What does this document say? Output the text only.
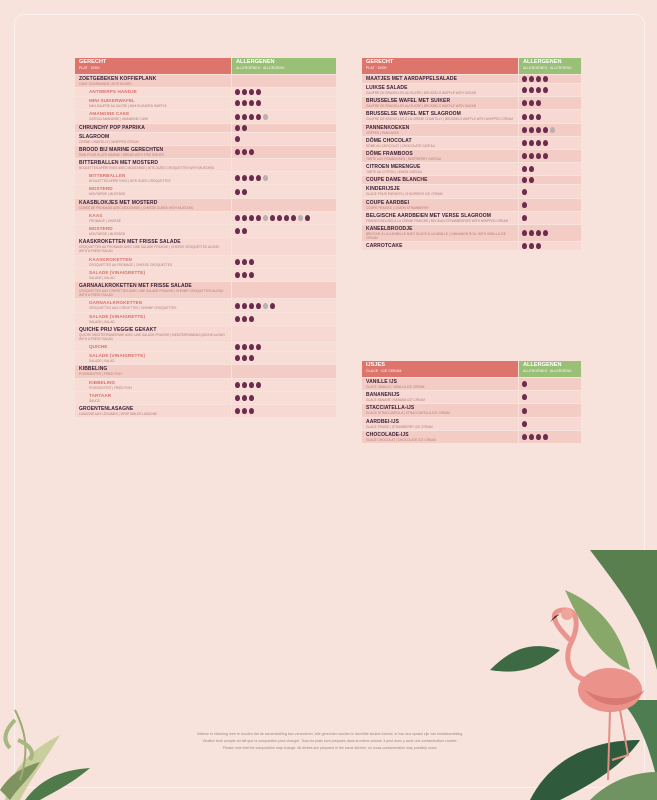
GERECHT
PLAT · DISH
ALLERGENEN
ALLERGÈNES · ALLERGENS
ZOETGEBEKEN KOFFIEPLANK
CAKE GOURMANDE | BITE BOARD
ANTWERPS HANDJE
MINI SUIKERWAFEL
MINI GAUFRE AU SUCRE | MINI SUGARED WAFFLE
AMANDINE CAKE
GATEAU AMANDINE | AMANDINE CAKE
CHRUNCHY POP PAPRIKA
SLAGROOM
CRÈME CHANTILLY | WHIPPED CREAM
BROOD BIJ MARINE GERECHTEN
PAIN POUR PLATS MARINE | BREAD WITH FISH DISHES
BITTERBALLEN MET MOSTERD
BOULETTES APÉRITIVES AVEC MOUTARDE | BITE-SIZED CROQUETTES WITH MUSTARD
BITTERBALLEN
BOULETTES APÉRITIVES | BITE-SIZED CROQUETTES
MOSTERD
MOUTARDE | MUSTARD
KAASBLOKJES MET MOSTERD
CUBES DE FROMAGE AVEC MOUTARDE | CHEESE CUBES WITH MUSTARD
KAAS
FROMAGE | CHEESE
MOSTERD
MOUTARDE | MUSTARD
KAASKROKETTEN MET FRISSE SALADE
CROQUETTES AU FROMAGE AVEC UNE SALADE FRAICHE | CHEESE CROQUETTES ALONG WITH A FRESH SALAD
KAASKROKETTEN
CROQUETTES AU FROMAGE | CHEESE CROQUETTES
SALADE (VINAIGRETTE)
SALADE | SALAD
GARNAALKROKETTEN MET FRISSE SALADE
CROQUETTES AUX CREVETTES AVEC UNE SALADE FRAICHE | SHRIMP CROQUETTES ALONG WITH A FRESH SALAD
GARNAALKROKETTEN
CROQUETTES AUX CREVETTES | SHRIMP CROQUETTES
SALADE (VINAIGRETTE)
SALADE | SALAD
QUICHE PRIJ VEGGIE GEKAKT
QUICHE MEDITERRANÉENNE AVEC UNE SALADE FRAICHE | MEDITERRANEAN QUICHE ALONG WITH A FRESH SALAD
QUICHE
SALADE (VINAIGRETTE)
SALADE | SALAD
KIBBELING
POISSON FRIT | FRIED FISH
KIBBELING
POISSON FRIT | FRIED FISH
TARTAAR
SAUCE
GROENTENLASAGNE
LASAGNE AUX LÉGUMES | VEGETABLES LASAGNE
GERECHT
PLAT · DISH
ALLERGENEN
ALLERGÈNES · ALLERGENS
MAATJES MET AARDAPPELSALADE
LUIKSE SALADE
GAUFRE DE BRUXELLES AU SUCRE | BRUSSELS WAFFLE WITH SUGAR
BRUSSELSE WAFEL MET SUIKER
GAUFRE DE BRUXELLES AU SUCRE | BRUSSELS WAFFLE WITH SUGAR
BRUSSELSE WAFEL MET SLAGROOM
GAUFRE DE BRUXELLES À LA CRÈME CHANTILLY | BRUSSELS WAFFLE WITH WHIPPED CREAM
PANNENKOEKEN
CRÊPES | PANCAKES
DÔME CHOCOLAT
DÔME AU CHOCOLAT | CHOCOLATE GATEAU
DÔME FRAMBOOS
TARTE AUX FRAMBOISES | RASPBERRY GATEAU
CITROEN MERENGUE
TARTE AU CITRON | LEMON GATEAU
COUPE DAME BLANCHE
KINDERIJSJE
GLACE POUR ENFANTS | CHILDREN'S ICE CREAM
COUPE AARDBEI
COUPE FRAISES | LEMON STRAWBERRY
BELGISCHE AARDBEIEN MET VERSE SLAGROOM
FRAISES BELGES À LA CRÈME FRAICHE | BELGIAN STRAWBERRIES WITH WHIPPED CREAM
KANEELBROODJE
BRIOCHE À LA CANNELLE AVEC GLACE À LA VANILLE | CINNAMON ROLL WITH VANILLA ICE CREAM
CARROTCAKE
IJSJES
GLACE · ICE CREAM
ALLERGENEN
ALLERGÈNES · ALLERGENS
VANILLE IJS
GLACE VANILLE | VANILLA ICE CREAM
BANANENIJS
GLACE BANANE | BANANA ICE CREAM
STACCIATELLA-IJS
GLACE STRACCIATELLA | STRACCIATELLA ICE CREAM
AARDBEI-IJS
GLACE FRAISE | STRAWBERRY ICE CREAM
CHOCOLADE-IJS
GLACE CHOCOLAT | CHOCOLATE ICE CREAM
Gelieve er rekening mee te houden dat de samenstelling kan veranderen. Alle gerechten worden in dezelfde keuken bereid, er kan dus sprake zijn van kruisbesmetting.
Veuillez tenir compte du fait que la composition peut changer. Tous les plats sont préparés dans la même cuisine, il peut donc y avoir une contamination croisée.
Please note that the composition may change. All dishes are prepared in the same kitchen, so cross-contamination may possibly occur.
